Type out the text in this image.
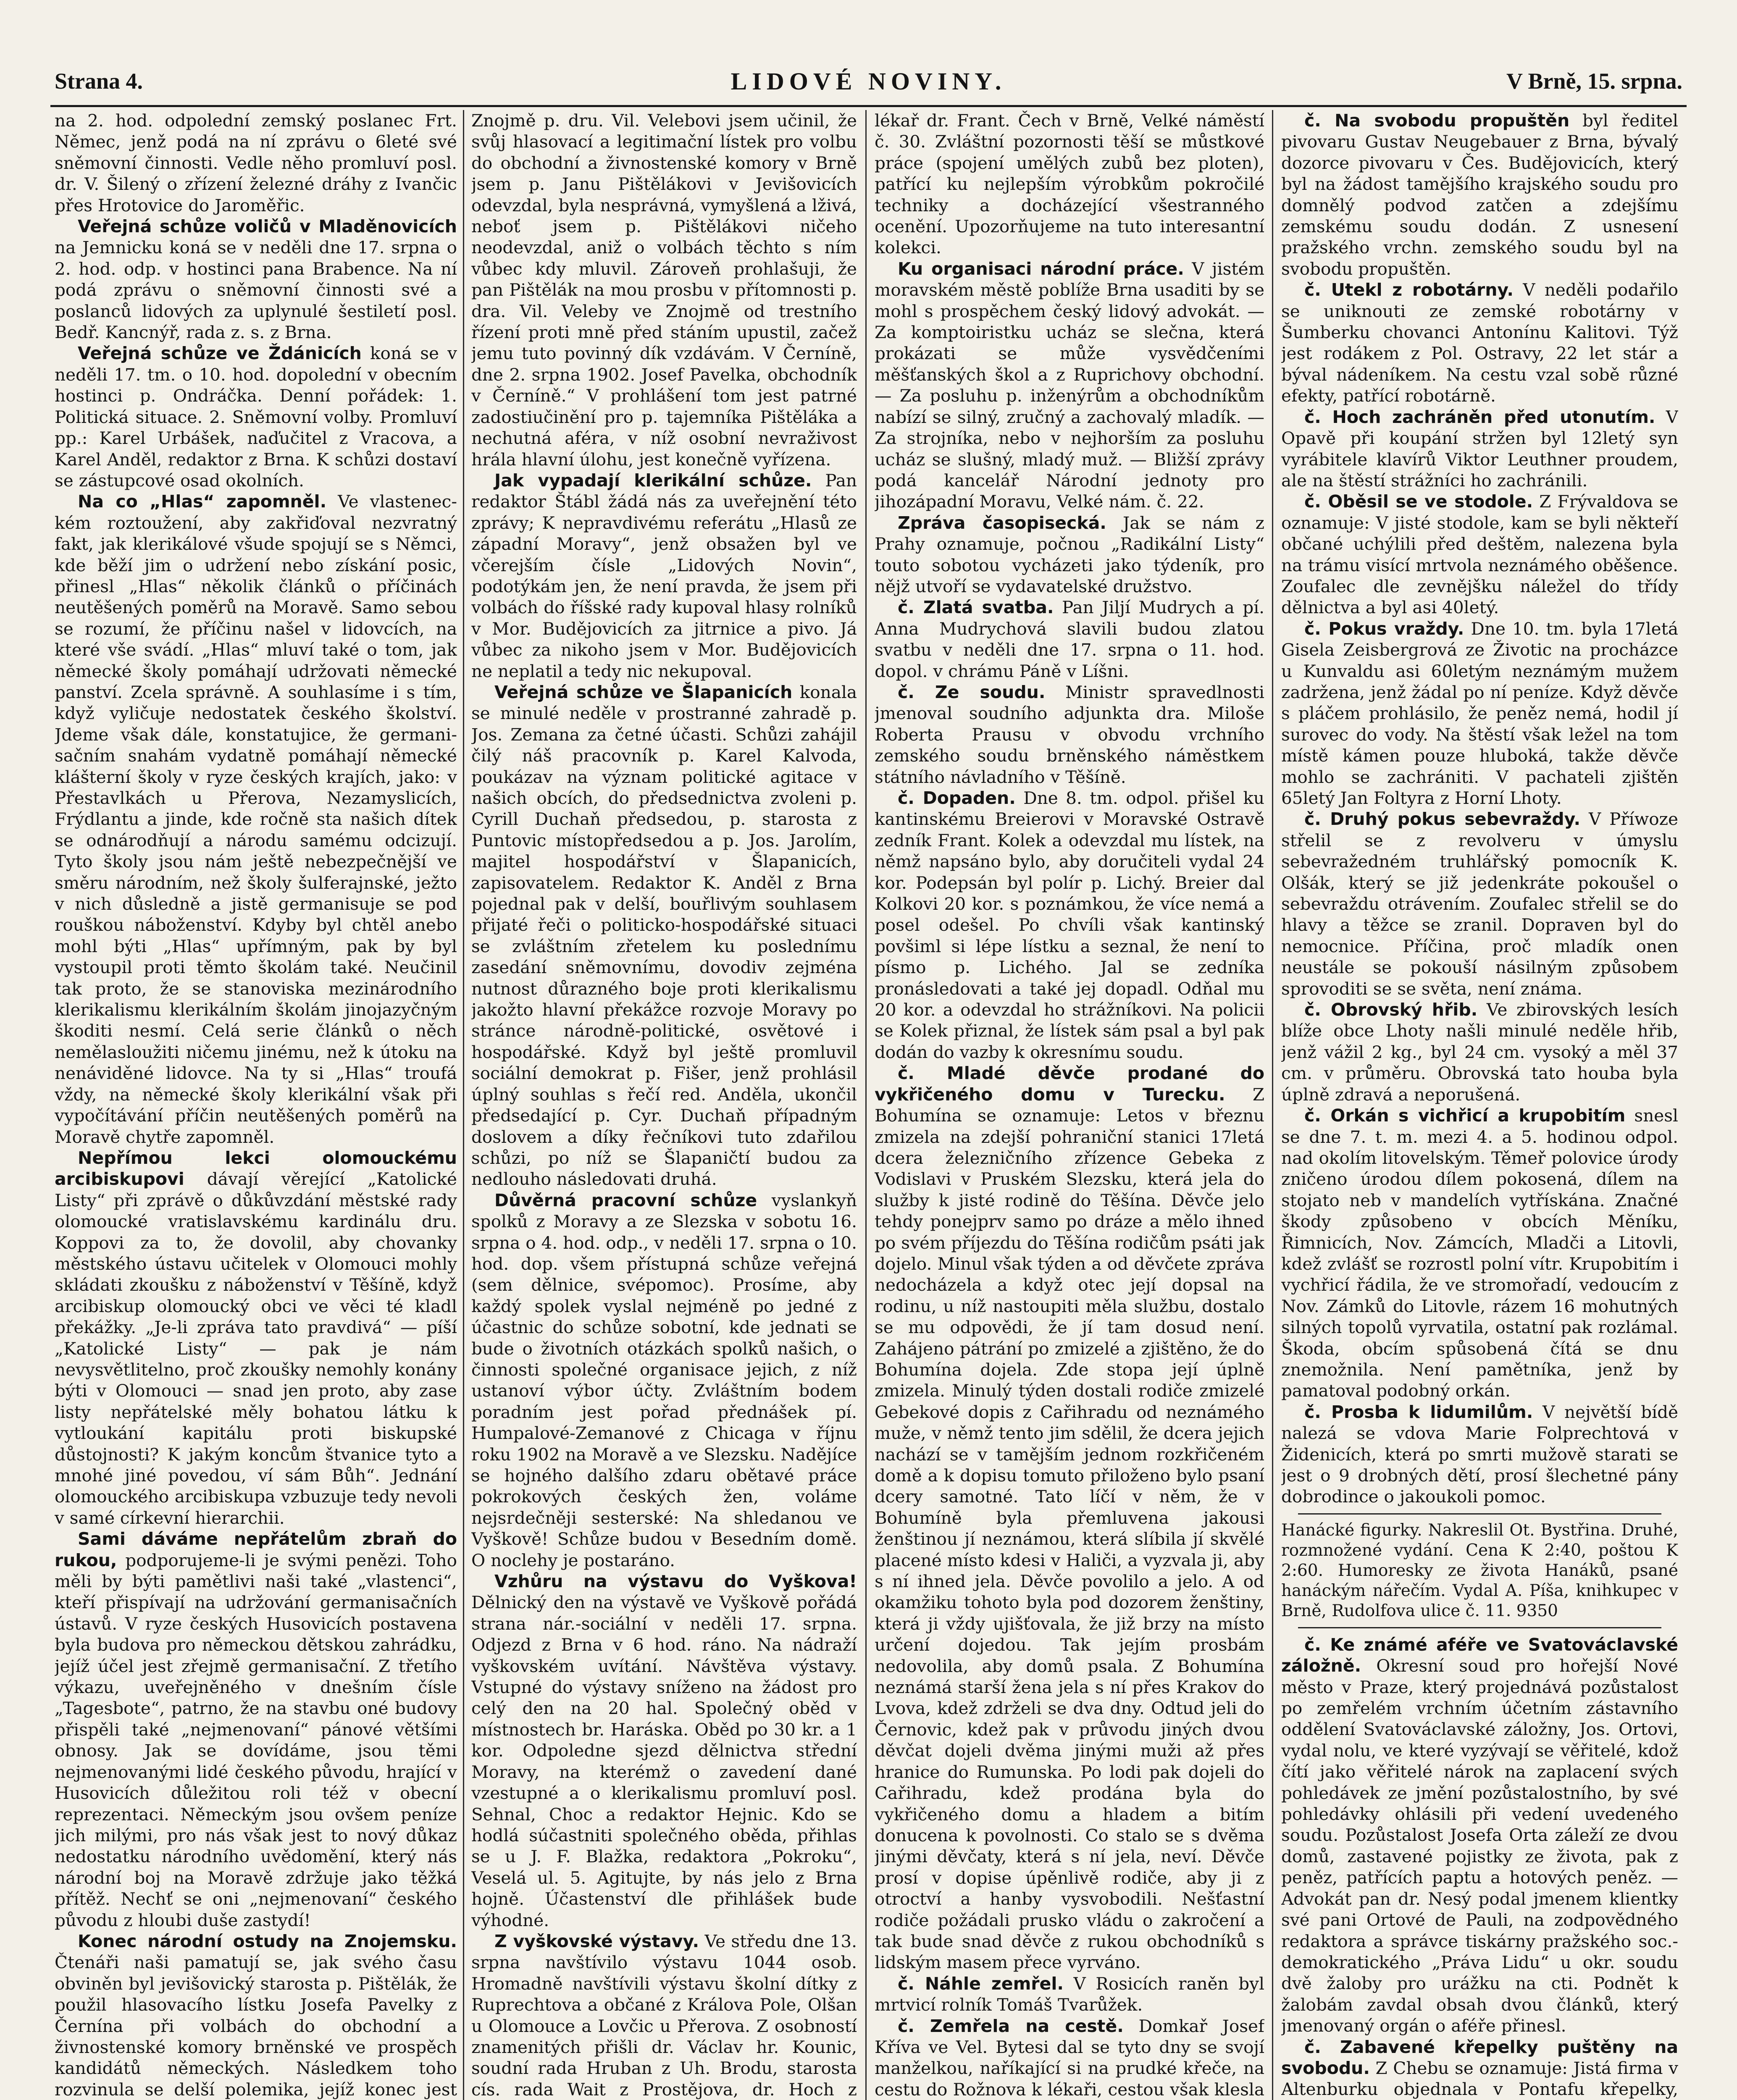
Strana 4.	LIDOVÉ NOVINY.	V Brně, 15. srpna.

na 2. hod. odpolední zemský poslanec Frt. Němec, jenž podá na ní zprávu o 6leté své sněmovní činnosti. Vedle něho promluví posl. dr. V. Šilený o zřízení železné dráhy z Ivančic přes Hrotovice do Jaroměřic.

Veřejná schůze voličů v Mladěnovicích na Jemnicku koná se v neděli dne 17. srpna o 2. hod. odp. v hostinci pana Brabence. Na ní podá zprávu o sněmovní činnosti své a poslanců lidových za uplynulé šestiletí posl. Bedř. Kancnýř, rada z. s. z Brna.

Veřejná schůze ve Ždánicích koná se v neděli 17. tm. o 10. hod. dopolední v obecním hostinci p. Ondráčka. Denní pořádek: 1. Politická situace. 2. Sněmovní volby. Promluví pp.: Karel Urbášek, naďučitel z Vracova, a Karel Anděl, redaktor z Brna. K schůzi dostaví se zástupcové osad okolních.

Na co „Hlas“ zapomněl. Ve vlasteneckém roztoužení, aby zakřiďoval nezvratný fakt, jak klerikálové všude spojují se s Němci, kde běží jim o udržení nebo získání posic, přinesl „Hlas“ několik článků o příčinách neutěšených poměrů na Moravě. Samo sebou se rozumí, že příčinu našel v lidovcích, na které vše svádí. „Hlas“ mluví také o tom, jak německé školy pomáhají udržovati německé panství. Zcela správně. A souhlasíme i s tím, když vyličuje nedostatek českého školství. Jdeme však dále, konstatujice, že germanisačním snahám vydatně pomáhají německé klášterní školy v ryze českých krajích, jako: v Přestavlkách u Přerova, Nezamyslicích, Frýdlantu a jinde, kde ročně sta našich dítek se odnárodňují a národu samému odcizují. Tyto školy jsou nám ještě nebezpečnější ve směru národním, než školy šulferajnské, ježto v nich důsledně a jistě germanisuje se pod rouškou náboženství. Kdyby byl chtěl anebo mohl býti „Hlas“ upřímným, pak by byl vystoupil proti těmto školám také. Neučinil tak proto, že se stanoviska mezinárodního klerikalismu klerikálním školám jinojazyčným škoditi nesmí. Celá serie článků o něch nemělasloužiti ničemu jinému, než k útoku na nenáviděné lidovce. Na ty si „Hlas“ troufá vždy, na německé školy klerikální však při vypočítávání příčin neutěšených poměrů na Moravě chytře zapomněl.

Nepřímou lekci olomouckému arcibiskupovi dávají věrející „Katolické Listy“ při zprávě o důkůvzdání městské rady olomoucké vratislavskému kardinálu dru. Koppovi za to, že dovolil, aby chovanky městského ústavu učitelek v Olomouci mohly skládati zkoušku z náboženství v Těšíně, když arcibiskup olomoucký obci ve věci té kladl překážky. „Je-li zpráva tato pravdivá“ — píší „Katolické Listy“ — pak je nám nevysvětlitelno, proč zkoušky nemohly konány býti v Olomouci — snad jen proto, aby zase listy nepřátelské měly bohatou látku k vytloukání kapitálu proti biskupské důstojnosti? K jakým koncům štvanice tyto a mnohé jiné povedou, ví sám Bůh“. Jednání olomouckého arcibiskupa vzbuzuje tedy nevoli v samé církevní hierarchii.

Sami dáváme nepřátelům zbraň do rukou, podporujeme-li je svými penězi. Toho měli by býti pamětlivi naši také „vlastenci“, kteří přispívají na udržování germanisačních ústavů. V ryze českých Husovicích postavena byla budova pro německou dětskou zahrádku, jejíž účel jest zřejmě germanisační. Z třetího výkazu, uveřejněného v dnešním čísle „Tagesbote“, patrno, že na stavbu oné budovy přispěli také „nejmenovaní“ pánové většími obnosy. Jak se dovídáme, jsou těmi nejmenovanými lidé českého původu, hrající v Husovicích důležitou roli též v obecní reprezentaci. Německým jsou ovšem peníze jich milými, pro nás však jest to nový důkaz nedostatku národního uvědomění, který nás národní boj na Moravě zdržuje jako těžká přítěž. Nechť se oni „nejmenovaní“ českého původu z hloubi duše zastydí!

Konec národní ostudy na Znojemsku. Čtenáři naši pamatují se, jak svého času obviněn byl jevišovický starosta p. Pištělák, že použil hlasovacího lístku Josefa Pavelky z Černína při volbách do obchodní a živnostenské komory brněnské ve prospěch kandidátů německých. Následkem toho rozvinula se delší polemika, jejíž konec jest

Znojmě p. dru. Vil. Velebovi jsem učinil, že svůj hlasovací a legitimační lístek pro volbu do obchodní a živnostenské komory v Brně jsem p. Janu Pištělákovi v Jevišovicích odevzdal, byla nesprávná, vymyšlená a lživá, neboť jsem p. Pištělákovi ničeho neodevzdal, aniž o volbách těchto s ním vůbec kdy mluvil. Zároveň prohlašuji, že pan Pištělák na mou prosbu v přítomnosti p. dra. Vil. Veleby ve Znojmě od trestního řízení proti mně před stáním upustil, začež jemu tuto povinný dík vzdávám. V Černíně, dne 2. srpna 1902. Josef Pavelka, obchodník v Černíně.“ V prohlášení tom jest patrné zadostiučinění pro p. tajemníka Pištěláka a nechutná aféra, v níž osobní nevraživost hrála hlavní úlohu, jest konečně vyřízena.

Jak vypadají klerikální schůze. Pan redaktor Štábl žádá nás za uveřejnění této zprávy; K nepravdivému referátu „Hlasů ze západní Moravy“, jenž obsažen byl ve včerejším čísle „Lidových Novin“, podotýkám jen, že není pravda, že jsem při volbách do říšské rady kupoval hlasy rolníků v Mor. Budějovicích za jitrnice a pivo. Já vůbec za nikoho jsem v Mor. Budějovicích ne neplatil a tedy nic nekupoval.

Veřejná schůze ve Šlapanicích konala se minulé neděle v prostranné zahradě p. Jos. Zemana za četné účasti. Schůzi zahájil čilý náš pracovník p. Karel Kalvoda, poukázav na význam politické agitace v našich obcích, do předsednictva zvoleni p. Cyrill Duchaň předsedou, p. starosta z Puntovic místopředsedou a p. Jos. Jarolím, majitel hospodářství v Šlapanicích, zapisovatelem. Redaktor K. Anděl z Brna pojednal pak v delší, bouřlivým souhlasem přijaté řeči o politicko-hospodářské situaci se zvláštním zřetelem ku poslednímu zasedání sněmovnímu, dovodiv zejména nutnost důrazného boje proti klerikalismu jakožto hlavní překážce rozvoje Moravy po stránce národně-politické, osvětové i hospodářské. Když byl ještě promluvil sociální demokrat p. Fišer, jenž prohlásil úplný souhlas s řečí red. Anděla, ukončil předsedající p. Cyr. Duchaň případným doslovem a díky řečníkovi tuto zdařilou schůzi, po níž se Šlapaničtí budou za nedlouho následovati druhá.

Důvěrná pracovní schůze vyslankyň spolků z Moravy a ze Slezska v sobotu 16. srpna o 4. hod. odp., v neděli 17. srpna o 10. hod. dop. všem přístupná schůze veřejná (sem dělnice, svépomoc). Prosíme, aby každý spolek vyslal nejméně po jedné z účastnic do schůze sobotní, kde jednati se bude o životních otázkách spolků našich, o činnosti společné organisace jejich, z níž ustanoví výbor účty. Zvláštním bodem poradním jest pořad přednášek pí. Humpalové-Zemanové z Chicaga v říjnu roku 1902 na Moravě a ve Slezsku. Nadějíce se hojného dalšího zdaru obětavé práce pokrokových českých žen, voláme nejsrdečněji sesterské: Na shledanou ve Vyškově! Schůze budou v Besedním domě. O noclehy je postaráno.

Vzhůru na výstavu do Vyškova! Dělnický den na výstavě ve Vyškově pořádá strana nár.-sociální v neděli 17. srpna. Odjezd z Brna v 6 hod. ráno. Na nádraží vyškovském uvítání. Návštěva výstavy. Vstupné do výstavy sníženo na žádost pro celý den na 20 hal. Společný oběd v místnostech br. Haráska. Oběd po 30 kr. a 1 kor. Odpoledne sjezd dělnictva střední Moravy, na kterémž o zavedení dané vzestupné a o klerikalismu promluví posl. Sehnal, Choc a redaktor Hejnic. Kdo se hodlá súčastniti společného oběda, přihlas se u J. F. Blažka, redaktora „Pokroku“, Veselá ul. 5. Agitujte, by nás jelo z Brna hojně. Účastenství dle přihlášek bude výhodné.

Z vyškovské výstavy. Ve středu dne 13. srpna navštívilo výstavu 1044 osob. Hromadně navštívili výstavu školní dítky z Ruprechtova a občané z Králova Pole, Olšan u Olomouce a Lovčic u Přerova. Z osobností znamenitých přišli dr. Václav hr. Kounic, soudní rada Hruban z Uh. Brodu, starosta cís. rada Wait z Prostějova, dr. Hoch z

lékař dr. Frant. Čech v Brně, Velké náměstí č. 30. Zvláštní pozornosti těší se můstkové práce (spojení umělých zubů bez ploten), patřící ku nejlepším výrobkům pokročilé techniky a docházející všestranného ocenění. Upozorňujeme na tuto interesantní kolekci.

Ku organisaci národní práce. V jistém moravském městě poblíže Brna usaditi by se mohl s prospěchem český lidový advokát. — Za komptoiristku ucház se slečna, která prokázati se může vysvědčeními měšťanských škol a z Ruprichovy obchodní. — Za posluhu p. inženýrům a obchodníkům nabízí se silný, zručný a zachovalý mladík. — Za strojníka, nebo v nejhorším za posluhu ucház se slušný, mladý muž. — Bližší zprávy podá kancelář Národní jednoty pro jihozápadní Moravu, Velké nám. č. 22.

Zpráva časopisecká. Jak se nám z Prahy oznamuje, počnou „Radikální Listy“ touto sobotou vycházeti jako týdeník, pro nějž utvoří se vydavatelské družstvo.

č. Zlatá svatba. Pan Jiljí Mudrych a pí. Anna Mudrychová slavili budou zlatou svatbu v neděli dne 17. srpna o 11. hod. dopol. v chrámu Páně v Líšni.

č. Ze soudu. Ministr spravedlnosti jmenoval soudního adjunkta dra. Miloše Roberta Prausu v obvodu vrchního zemského soudu brněnského náměstkem státního návladního v Těšíně.

č. Dopaden. Dne 8. tm. odpol. přišel ku kantinskému Breierovi v Moravské Ostravě zedník Frant. Kolek a odevzdal mu lístek, na němž napsáno bylo, aby doručiteli vydal 24 kor. Podepsán byl polír p. Lichý. Breier dal Kolkovi 20 kor. s poznámkou, že více nemá a posel odešel. Po chvíli však kantinský povšiml si lépe lístku a seznal, že není to písmo p. Lichého. Jal se zedníka pronásledovati a také jej dopadl. Odňal mu 20 kor. a odevzdal ho strážníkovi. Na policii se Kolek přiznal, že lístek sám psal a byl pak dodán do vazby k okresnímu soudu.

č. Mladé děvče prodané do vykřičeného domu v Turecku. Z Bohumína se oznamuje: Letos v březnu zmizela na zdejší pohraniční stanici 17letá dcera železničního zřízence Gebeka z Vodislavi v Pruském Slezsku, která jela do služby k jisté rodině do Těšína. Děvče jelo tehdy ponejprv samo po dráze a mělo ihned po svém příjezdu do Těšína rodičům psáti jak dojelo. Minul však týden a od děvčete zpráva nedocházela a když otec její dopsal na rodinu, u níž nastoupiti měla službu, dostalo se mu odpovědi, že jí tam dosud není. Zahájeno pátrání po zmizelé a zjištěno, že do Bohumína dojela. Zde stopa její úplně zmizela. Minulý týden dostali rodiče zmizelé Gebekové dopis z Cařihradu od neznámého muže, v němž tento jim sdělil, že dcera jejich nachází se v tamějším jednom rozkřičeném domě a k dopisu tomuto přiloženo bylo psaní dcery samotné. Tato líčí v něm, že v Bohumíně byla přemluvena jakousi ženštinou jí neznámou, která slíbila jí skvělé placené místo kdesi v Haliči, a vyzvala ji, aby s ní ihned jela. Děvče povolilo a jelo. A od okamžiku tohoto byla pod dozorem ženštiny, která ji vždy ujišťovala, že již brzy na místo určení dojedou. Tak jejím prosbám nedovolila, aby domů psala. Z Bohumína neznámá starší žena jela s ní přes Krakov do Lvova, kdež zdrželi se dva dny. Odtud jeli do Černovic, kdež pak v průvodu jiných dvou děvčat dojeli dvěma jinými muži až přes hranice do Rumunska. Po lodi pak dojeli do Cařihradu, kdež prodána byla do vykřičeného domu a hladem a bitím donucena k povolnosti. Co stalo se s dvěma jinými děvčaty, která s ní jela, neví. Děvče prosí v dopise úpěnlivě rodiče, aby ji z otroctví a hanby vysvobodili. Nešťastní rodiče požádali prusko vládu o zakročení a tak bude snad děvče z rukou obchodníků s lidským masem přece vyrváno.

č. Náhle zemřel. V Rosicích raněn byl mrtvicí rolník Tomáš Tvarůžek.

č. Zemřela na cestě. Domkař Josef Kříva ve Vel. Bytesi dal se tyto dny se svojí manželkou, naříkající si na prudké křeče, na cestu do Rožnova k lékaři, cestou však klesla

č. Na svobodu propuštěn byl ředitel pivovaru Gustav Neugebauer z Brna, bývalý dozorce pivovaru v Čes. Budějovicích, který byl na žádost tamějšího krajského soudu pro domnělý podvod zatčen a zdejšímu zemskému soudu dodán. Z usnesení pražského vrchn. zemského soudu byl na svobodu propuštěn.

č. Utekl z robotárny. V neděli podařilo se uniknouti ze zemské robotárny v Šumberku chovanci Antonínu Kalitovi. Týž jest rodákem z Pol. Ostravy, 22 let stár a býval nádeníkem. Na cestu vzal sobě různé efekty, patřící robotárně.

č. Hoch zachráněn před utonutím. V Opavě při koupání stržen byl 12letý syn vyrábitele klavírů Viktor Leuthner proudem, ale na štěstí strážníci ho zachránili.

č. Oběsil se ve stodole. Z Frývaldova se oznamuje: V jisté stodole, kam se byli někteří občané uchýlili před deštěm, nalezena byla na trámu visící mrtvola neznámého oběšence. Zoufalec dle zevnějšku náležel do třídy dělnictva a byl asi 40letý.

č. Pokus vraždy. Dne 10. tm. byla 17letá Gisela Zeisbergrová ze Životic na procházce u Kunvaldu asi 60letým neznámým mužem zadržena, jenž žádal po ní peníze. Když děvče s pláčem prohlásilo, že peněz nemá, hodil jí surovec do vody. Na štěstí však ležel na tom místě kámen pouze hluboká, takže děvče mohlo se zachrániti. V pachateli zjištěn 65letý Jan Foltyra z Horní Lhoty.

č. Druhý pokus sebevraždy. V Příwoze střelil se z revolveru v úmyslu sebevražedném truhlářský pomocník K. Olšák, který se již jedenkráte pokoušel o sebevraždu otrávením. Zoufalec střelil se do hlavy a těžce se zranil. Dopraven byl do nemocnice. Příčina, proč mladík onen neustále se pokouší násilným způsobem sprovoditi se se světa, není známa.

č. Obrovský hřib. Ve zbirovských lesích blíže obce Lhoty našli minulé neděle hřib, jenž vážil 2 kg., byl 24 cm. vysoký a měl 37 cm. v průměru. Obrovská tato houba byla úplně zdravá a neporušená.

č. Orkán s vichřicí a krupobitím snesl se dne 7. t. m. mezi 4. a 5. hodinou odpol. nad okolím litovelským. Těmeř polovice úrody zničeno úrodou dílem pokosená, dílem na stojato neb v mandelích vytřískána. Značné škody způsobeno v obcích Měníku, Řimnicích, Nov. Zámcích, Mladči a Litovli, kdež zvlášť se rozrostl polní vítr. Krupobitím i vychřicí řádila, že ve stromořadí, vedoucím z Nov. Zámků do Litovle, rázem 16 mohutných silných topolů vyrvatila, ostatní pak rozlámal. Škoda, obcím spůsobená čítá se dnu znemožnila. Není pamětníka, jenž by pamatoval podobný orkán.

č. Prosba k lidumilům. V největší bídě nalezá se vdova Marie Folprechtová v Židenicích, která po smrti mužově starati se jest o 9 drobných dětí, prosí šlechetné pány dobrodince o jakoukoli pomoc.

Hanácké figurky. Nakreslil Ot. Bystřina. Druhé, rozmnožené vydání. Cena K 2:40, poštou K 2:60. Humoresky ze života Hanáků, psané hanáckým nářečím. Vydal A. Píša, knihkupec v Brně, Rudolfova ulice č. 11. 9350

č. Ke známé aféře ve Svatováclavské záložně. Okresní soud pro hořejší Nové město v Praze, který projednává pozůstalost po zemřelém vrchním účetním zástavního oddělení Svatováclavské záložny, Jos. Ortovi, vydal nolu, ve které vyzývají se věřitelé, kdož čítí jako věřitelé nárok na zaplacení svých pohledávek ze jmění pozůstalostního, by své pohledávky ohlásili při vedení uvedeného soudu. Pozůstalost Josefa Orta záleží ze dvou domů, zastavené pojistky ze života, pak z peněz, patřících paptu a hotových peněz. — Advokát pan dr. Nesý podal jmenem klientky své pani Ortové de Pauli, na zodpovědného redaktora a správce tiskárny pražského soc.-demokratického „Práva Lidu“ u okr. soudu dvě žaloby pro urážku na cti. Podnět k žalobám zavdal obsah dvou článků, který jmenovaný orgán o aféře přinesl.

č. Zabavené křepelky puštěny na svobodu. Z Chebu se oznamuje: Jistá firma v Altenburku objednala v Pontafu křepelky,
